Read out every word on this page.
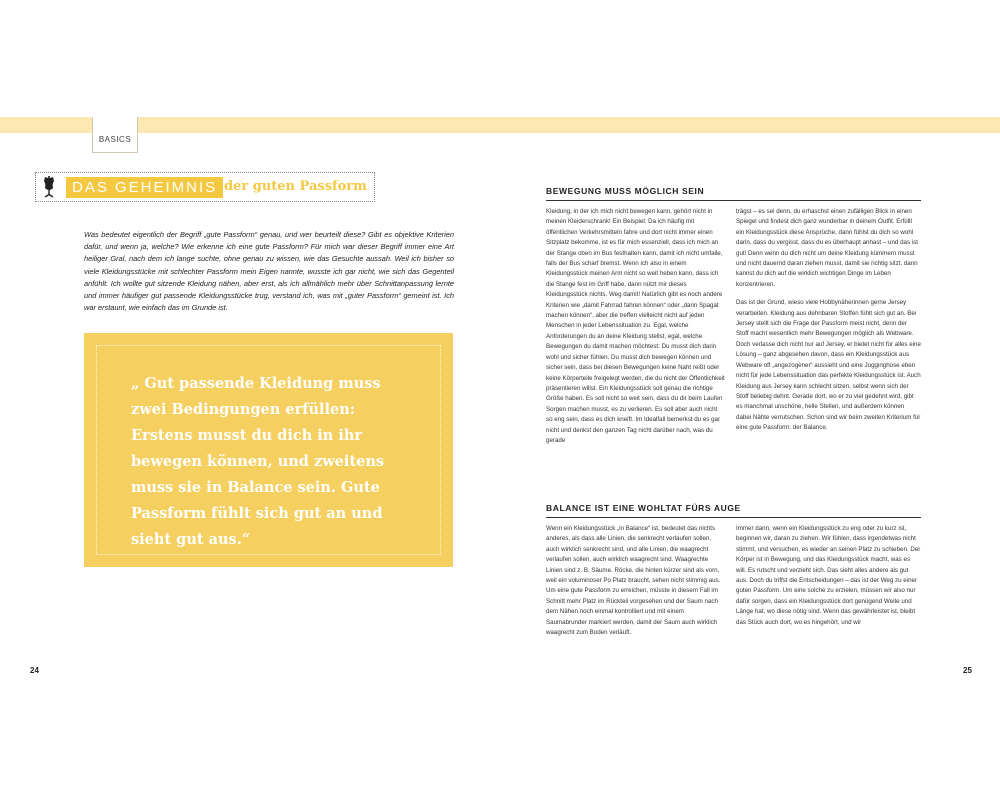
BASICS
DAS GEHEIMNIS der guten Passform
Was bedeutet eigentlich der Begriff „gute Passform“ genau, und wer beurteilt diese? Gibt es objektive Kriterien dafür, und wenn ja, welche? Wie erkenne ich eine gute Passform? Für mich war dieser Begriff immer eine Art heiliger Gral, nach dem ich lange suchte, ohne genau zu wissen, wie das Gesuchte aussah. Weil ich bisher so viele Kleidungsstücke mit schlechter Passform mein Eigen nannte, wusste ich gar nicht, wie sich das Gegenteil anfühlt. Ich wollte gut sitzende Kleidung nähen, aber erst, als ich allmählich mehr über Schnittanpassung lernte und immer häufiger gut passende Kleidungsstücke trug, verstand ich, was mit „guter Passform“ gemeint ist. Ich war erstaunt, wie einfach das im Grunde ist.
„ Gut passende Kleidung muss zwei Bedingungen erfüllen: Erstens musst du dich in ihr bewegen können, und zweitens muss sie in Balance sein. Gute Passform fühlt sich gut an und sieht gut aus.“
24	25
BEWEGUNG MUSS MÖGLICH SEIN

Kleidung, in der ich mich nicht bewegen kann, gehört nicht in meinen Kleiderschrank! Ein Beispiel: Da ich häufig mit öffentlichen Verkehrsmitteln fahre und dort nicht immer einen Sitzplatz bekomme, ist es für mich essenziell, dass ich mich an der Stange oben im Bus festhalten kann, damit ich nicht umfalle, falls der Bus scharf bremst. Wenn ich also in einem Kleidungsstück meinen Arm nicht so weit heben kann, dass ich die Stange fest im Griff habe, dann nützt mir dieses Kleidungsstück nichts. Weg damit! Natürlich gibt es noch andere Kriterien wie „damit Fahrrad fahren können“ oder „darin Spagat machen können“, aber die treffen vielleicht nicht auf jeden Menschen in jeder Lebenssituation zu. Egal, welche Anforderungen du an deine Kleidung stellst, egal, welche Bewegungen du damit machen möchtest: Du musst dich darin wohl und sicher fühlen. Du musst dich bewegen können und sicher sein, dass bei diesen Bewegungen keine Naht reißt oder keine Körperteile freigelegt werden, die du nicht der Öffentlichkeit präsentieren willst. Ein Kleidungsstück soll genau die richtige Größe haben. Es soll nicht so weit sein, dass du dir beim Laufen Sorgen machen musst, es zu verlieren. Es soll aber auch nicht so eng sein, dass es dich kneift. Im Idealfall bemerkst du es gar nicht und denkst den ganzen Tag nicht darüber nach, was du gerade

trägst – es sei denn, du erhaschst einen zufälligen Blick in einen Spiegel und findest dich ganz wunderbar in deinem Outfit. Erfüllt ein Kleidungsstück diese Ansprüche, dann fühlst du dich so wohl darin, dass du vergisst, dass du es überhaupt anhast – und das ist gut! Denn wenn du dich nicht um deine Kleidung kümmern musst und nicht dauernd daran ziehen musst, damit sie richtig sitzt, dann kannst du dich auf die wirklich wichtigen Dinge im Leben konzentrieren.

Das ist der Grund, wieso viele Hobbynäherinnen gerne Jersey verarbeiten. Kleidung aus dehnbaren Stoffen fühlt sich gut an. Bei Jersey stellt sich die Frage der Passform meist nicht, denn der Stoff macht wesentlich mehr Bewegungen möglich als Webware. Doch verlasse dich nicht nur auf Jersey, er bietet nicht für alles eine Lösung – ganz abgesehen davon, dass ein Kleidungsstück aus Webware oft „angezogener“ aussieht und eine Jogginghose eben nicht für jede Lebenssituation das perfekte Kleidungsstück ist. Auch Kleidung aus Jersey kann schlecht sitzen, selbst wenn sich der Stoff beliebig dehnt. Gerade dort, wo er zu viel gedehnt wird, gibt es manchmal unschöne, helle Stellen, und außerdem können dabei Nähte verrutschen. Schon sind wir beim zweiten Kriterium für eine gute Passform: der Balance.

BALANCE IST EINE WOHLTAT FÜRS AUGE

Wenn ein Kleidungsstück „in Balance“ ist, bedeutet das nichts anderes, als dass alle Linien, die senkrecht verlaufen sollen, auch wirklich senkrecht sind, und alle Linien, die waagrecht verlaufen sollen, auch wirklich waagrecht sind. Waagrechte Linien sind z. B. Säume. Röcke, die hinten kürzer sind als vorn, weil ein voluminoser Po Platz braucht, sehen nicht stimmig aus. Um eine gute Passform zu erreichen, müsste in diesem Fall im Schnitt mehr Platz im Rückteil vorgesehen und der Saum nach dem Nähen noch einmal kontrolliert und mit einem Saumabrunder markiert werden, damit der Saum auch wirklich waagrecht zum Boden verläuft.

Immer dann, wenn ein Kleidungsstück zu eng oder zu kurz ist, beginnen wir, daran zu ziehen. Wir fühlen, dass irgendetwas nicht stimmt, und versuchen, es wieder an seinen Platz zu schieben. Der Körper ist in Bewegung, und das Kleidungsstück macht, was es will. Es rutscht und verzieht sich. Das sieht alles andere als gut aus. Doch du triffst die Entscheidungen – das ist der Weg zu einer guten Passform. Um eine solche zu erzielen, müssen wir also nur dafür sorgen, dass ein Kleidungsstück dort genügend Weite und Länge hat, wo diese nötig sind. Wenn das gewährleistet ist, bleibt das Stück auch dort, wo es hingehört, und wir
